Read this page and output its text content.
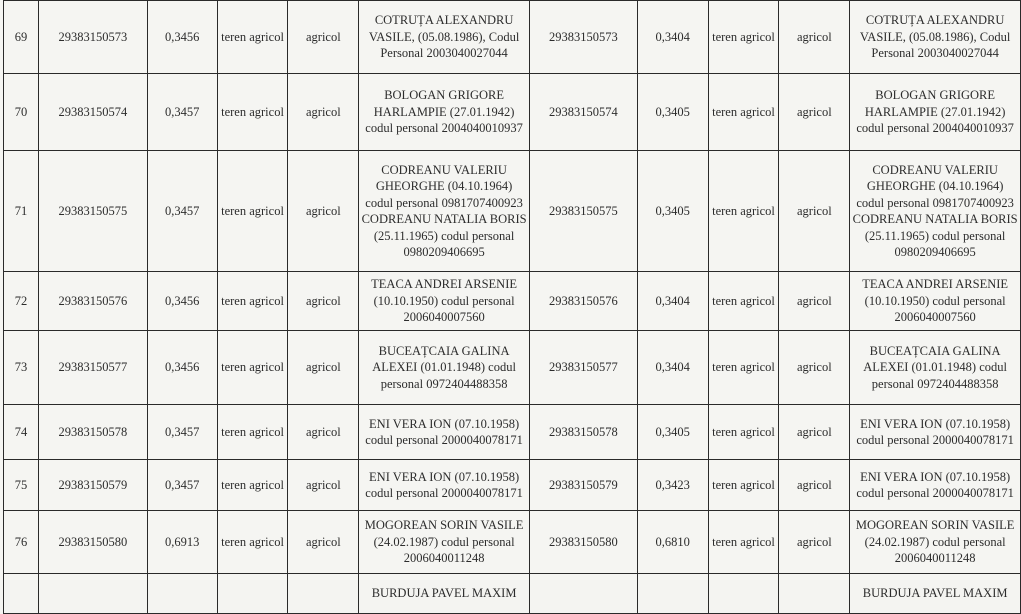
69	29383150573	0,3456	teren agricol	agricol	COTRUȚA ALEXANDRU VASILE, (05.08.1986), Codul Personal 2003040027044	29383150573	0,3404	teren agricol	agricol	COTRUȚA ALEXANDRU VASILE, (05.08.1986), Codul Personal 2003040027044
70	29383150574	0,3457	teren agricol	agricol	BOLOGAN GRIGORE HARLAMPIE (27.01.1942) codul personal 2004040010937	29383150574	0,3405	teren agricol	agricol	BOLOGAN GRIGORE HARLAMPIE (27.01.1942) codul personal 2004040010937
71	29383150575	0,3457	teren agricol	agricol	CODREANU VALERIU GHEORGHE (04.10.1964) codul personal 0981707400923 CODREANU NATALIA BORIS (25.11.1965) codul personal 0980209406695	29383150575	0,3405	teren agricol	agricol	CODREANU VALERIU GHEORGHE (04.10.1964) codul personal 0981707400923 CODREANU NATALIA BORIS (25.11.1965) codul personal 0980209406695
72	29383150576	0,3456	teren agricol	agricol	TEACA ANDREI ARSENIE (10.10.1950) codul personal 2006040007560	29383150576	0,3404	teren agricol	agricol	TEACA ANDREI ARSENIE (10.10.1950) codul personal 2006040007560
73	29383150577	0,3456	teren agricol	agricol	BUCEAȚCAIA GALINA ALEXEI (01.01.1948) codul personal 0972404488358	29383150577	0,3404	teren agricol	agricol	BUCEAȚCAIA GALINA ALEXEI (01.01.1948) codul personal 0972404488358
74	29383150578	0,3457	teren agricol	agricol	ENI VERA ION (07.10.1958) codul personal 2000040078171	29383150578	0,3405	teren agricol	agricol	ENI VERA ION (07.10.1958) codul personal 2000040078171
75	29383150579	0,3457	teren agricol	agricol	ENI VERA ION (07.10.1958) codul personal 2000040078171	29383150579	0,3423	teren agricol	agricol	ENI VERA ION (07.10.1958) codul personal 2000040078171
76	29383150580	0,6913	teren agricol	agricol	MOGOREAN SORIN VASILE (24.02.1987) codul personal 2006040011248	29383150580	0,6810	teren agricol	agricol	MOGOREAN SORIN VASILE (24.02.1987) codul personal 2006040011248
					BURDUJA PAVEL MAXIM					BURDUJA PAVEL MAXIM
